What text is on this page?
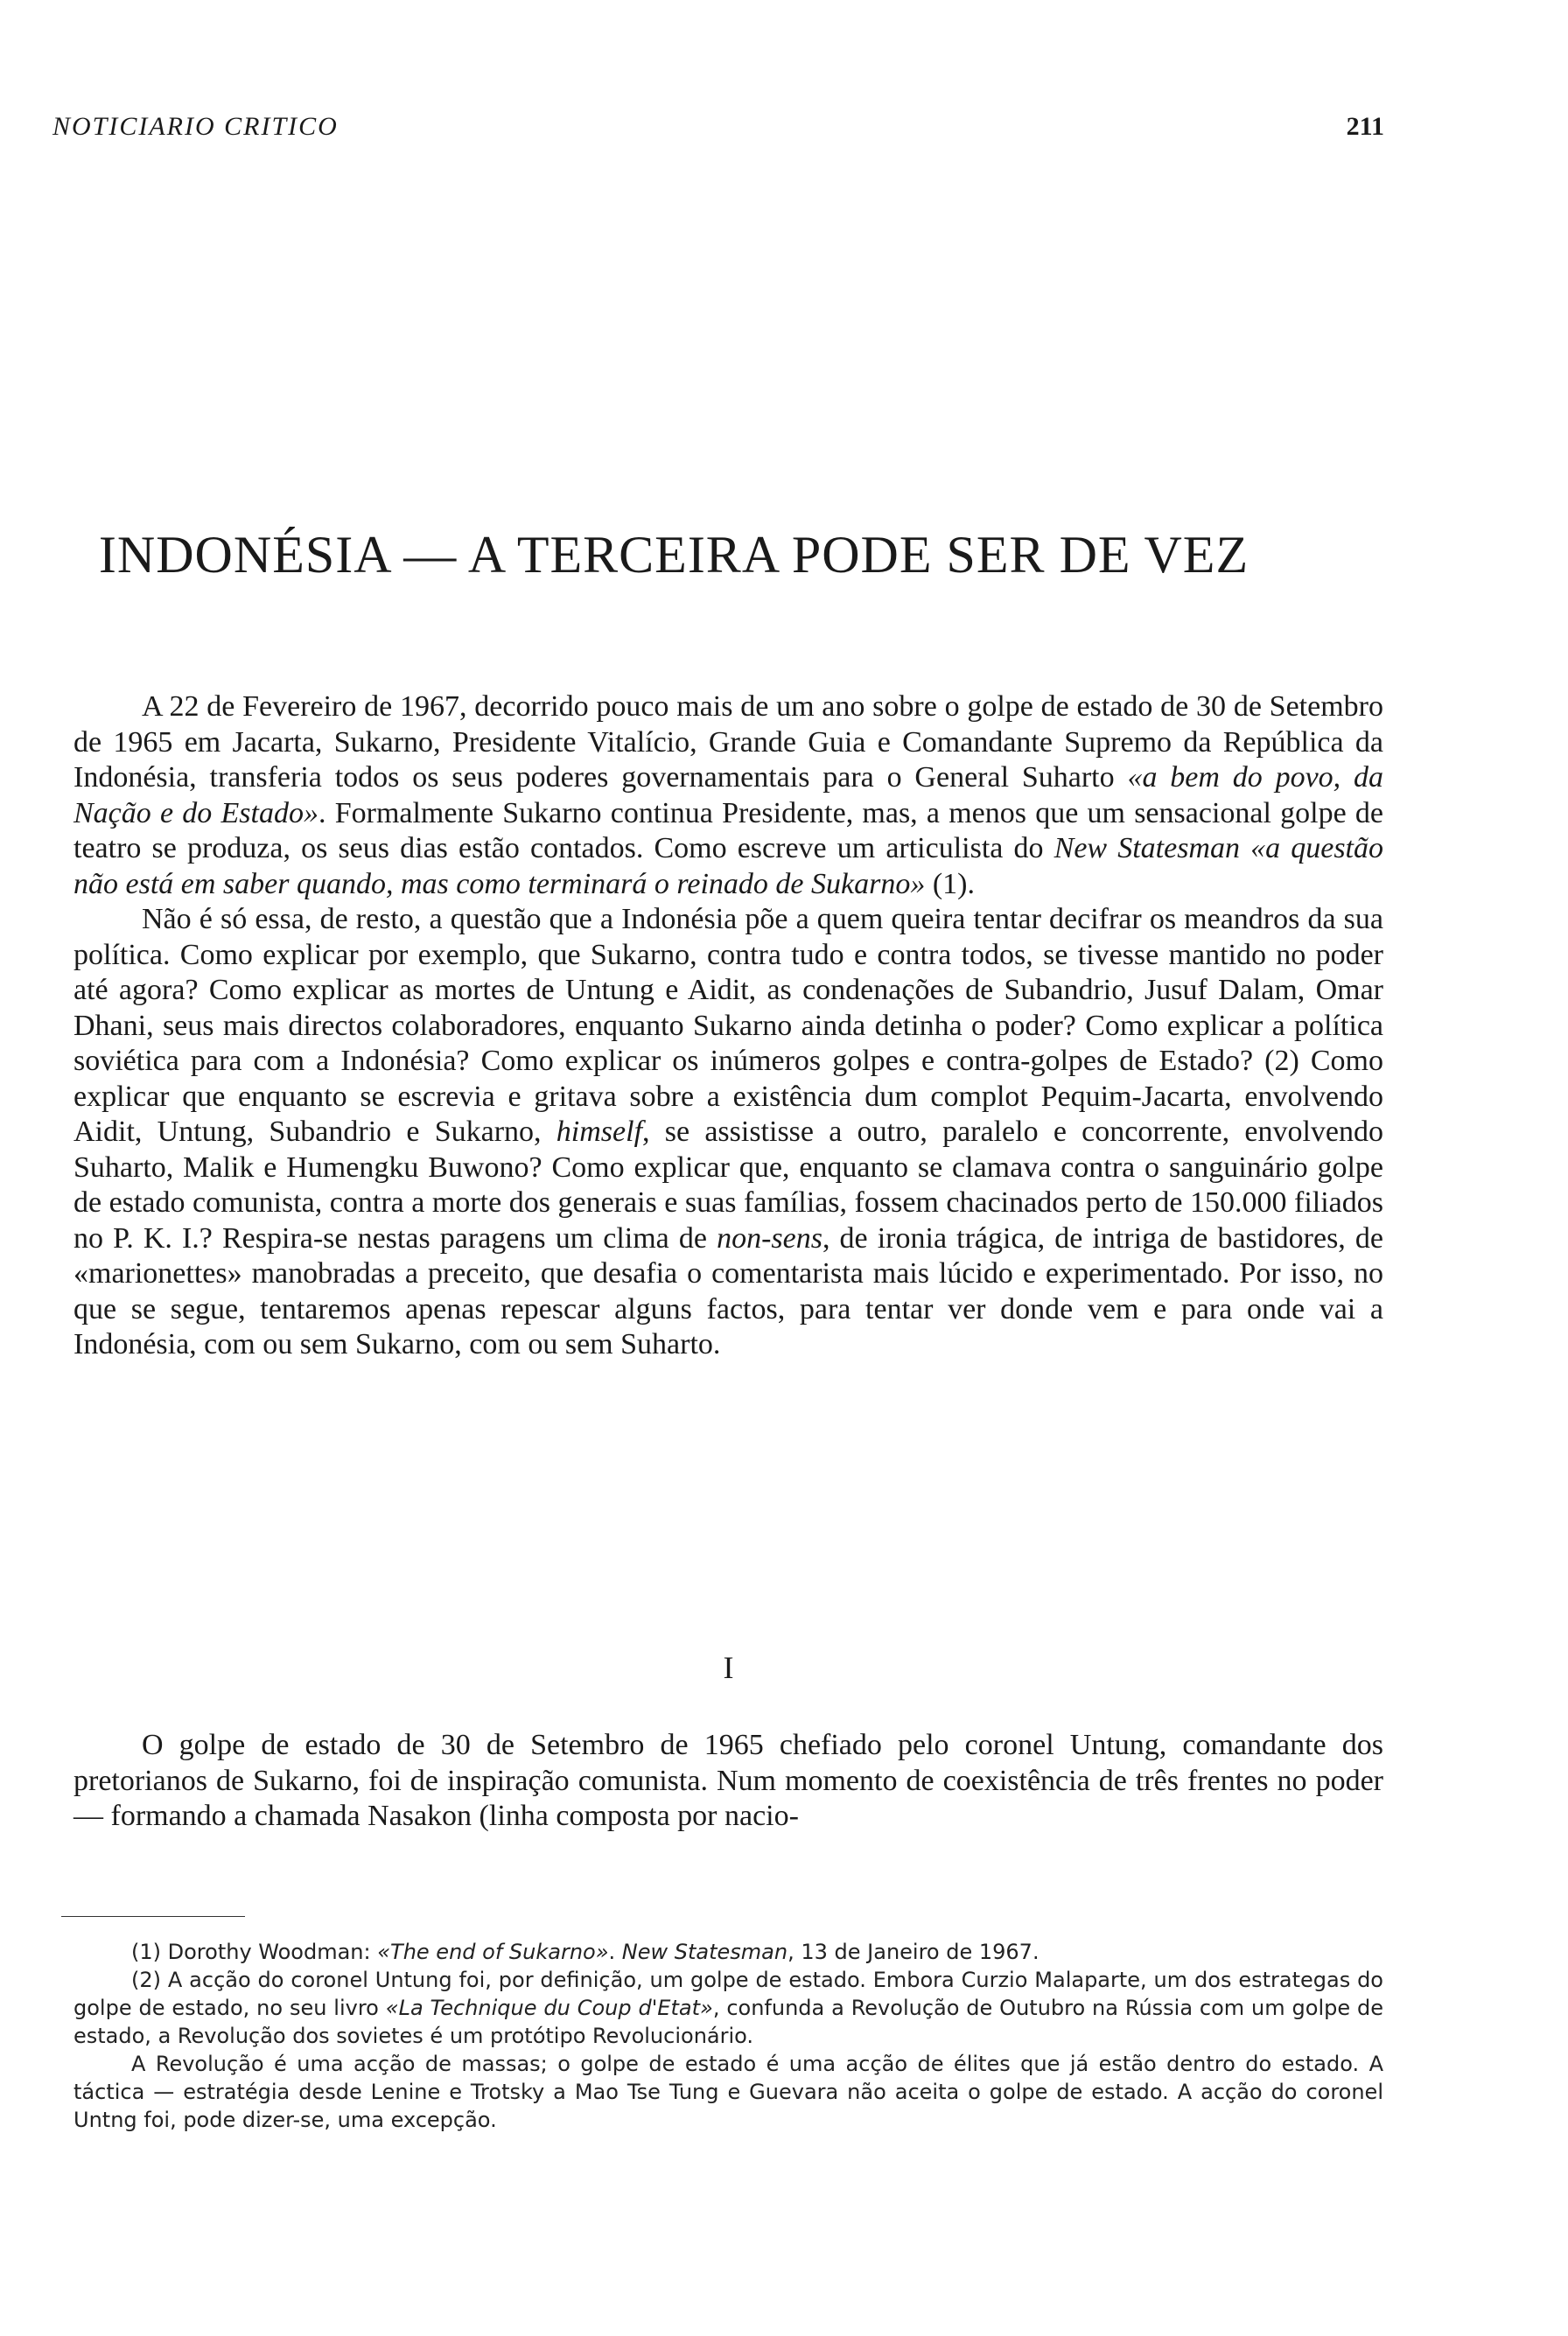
NOTICIARIO CRITICO	211
INDONÉSIA — A TERCEIRA PODE SER DE VEZ

A 22 de Fevereiro de 1967, decorrido pouco mais de um ano sobre o golpe de estado de 30 de Setembro de 1965 em Jacarta, Sukarno, Presidente Vitalício, Grande Guia e Comandante Supremo da República da Indonésia, transferia todos os seus poderes governamentais para o General Suharto «a bem do povo, da Nação e do Estado». Formalmente Sukarno continua Presidente, mas, a menos que um sensacional golpe de teatro se produza, os seus dias estão contados. Como escreve um articulista do New Statesman «a questão não está em saber quando, mas como terminará o reinado de Sukarno» (1).

Não é só essa, de resto, a questão que a Indonésia põe a quem queira tentar decifrar os meandros da sua política. Como explicar por exemplo, que Sukarno, contra tudo e contra todos, se tivesse mantido no poder até agora? Como explicar as mortes de Untung e Aidit, as condenações de Subandrio, Jusuf Dalam, Omar Dhani, seus mais directos colaboradores, enquanto Sukarno ainda detinha o poder? Como explicar a política soviética para com a Indonésia? Como explicar os inúmeros golpes e contra-golpes de Estado? (2) Como explicar que enquanto se escrevia e gritava sobre a existência dum complot Pequim-Jacarta, envolvendo Aidit, Untung, Subandrio e Sukarno, himself, se assistisse a outro, paralelo e concorrente, envolvendo Suharto, Malik e Humengku Buwono? Como explicar que, enquanto se clamava contra o sanguinário golpe de estado comunista, contra a morte dos generais e suas famílias, fossem chacinados perto de 150.000 filiados no P. K. I.? Respira-se nestas paragens um clima de non-sens, de ironia trágica, de intriga de bastidores, de «marionettes» manobradas a preceito, que desafia o comentarista mais lúcido e experimentado. Por isso, no que se segue, tentaremos apenas repescar alguns factos, para tentar ver donde vem e para onde vai a Indonésia, com ou sem Sukarno, com ou sem Suharto.

I

O golpe de estado de 30 de Setembro de 1965 chefiado pelo coronel Untung, comandante dos pretorianos de Sukarno, foi de inspiração comunista. Num momento de coexistência de três frentes no poder — formando a chamada Nasakon (linha composta por nacio-

(1) Dorothy Woodman: «The end of Sukarno». New Statesman, 13 de Janeiro de 1967.

(2) A acção do coronel Untung foi, por definição, um golpe de estado. Embora Curzio Malaparte, um dos estrategas do golpe de estado, no seu livro «La Technique du Coup d'Etat», confunda a Revolução de Outubro na Rússia com um golpe de estado, a Revolução dos sovietes é um protótipo Revolucionário.

A Revolução é uma acção de massas; o golpe de estado é uma acção de élites que já estão dentro do estado. A táctica — estratégia desde Lenine e Trotsky a Mao Tse Tung e Guevara não aceita o golpe de estado. A acção do coronel Untng foi, pode dizer-se, uma excepção.
